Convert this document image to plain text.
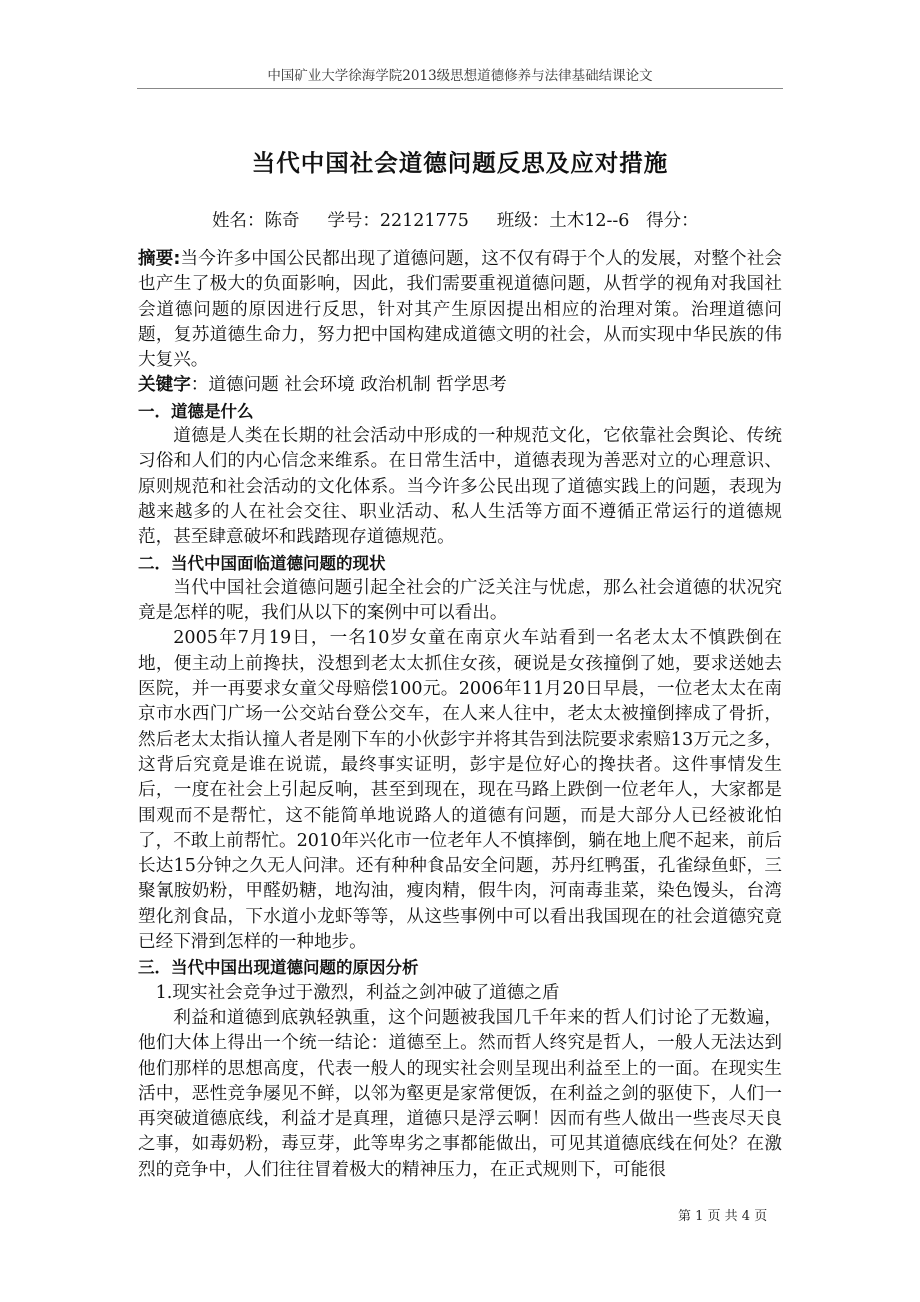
中国矿业大学徐海学院2013级思想道德修养与法律基础结课论文
当代中国社会道德问题反思及应对措施
姓名：陈奇     学号：22121775     班级：土木12--6   得分：

摘要:当今许多中国公民都出现了道德问题，这不仅有碍于个人的发展，对整个社会也产生了极大的负面影响，因此，我们需要重视道德问题，从哲学的视角对我国社会道德问题的原因进行反思，针对其产生原因提出相应的治理对策。治理道德问题，复苏道德生命力，努力把中国构建成道德文明的社会，从而实现中华民族的伟大复兴。

关键字：道德问题 社会环境 政治机制 哲学思考

一．道德是什么

道德是人类在长期的社会活动中形成的一种规范文化，它依靠社会舆论、传统习俗和人们的内心信念来维系。在日常生活中，道德表现为善恶对立的心理意识、原则规范和社会活动的文化体系。当今许多公民出现了道德实践上的问题，表现为越来越多的人在社会交往、职业活动、私人生活等方面不遵循正常运行的道德规范，甚至肆意破坏和践踏现存道德规范。

二．当代中国面临道德问题的现状

当代中国社会道德问题引起全社会的广泛关注与忧虑，那么社会道德的状况究竟是怎样的呢，我们从以下的案例中可以看出。

2005年7月19日，一名10岁女童在南京火车站看到一名老太太不慎跌倒在地，便主动上前搀扶，没想到老太太抓住女孩，硬说是女孩撞倒了她，要求送她去医院，并一再要求女童父母赔偿100元。2006年11月20日早晨，一位老太太在南京市水西门广场一公交站台登公交车，在人来人往中，老太太被撞倒摔成了骨折，然后老太太指认撞人者是刚下车的小伙彭宇并将其告到法院要求索赔13万元之多，这背后究竟是谁在说谎，最终事实证明，彭宇是位好心的搀扶者。这件事情发生后，一度在社会上引起反响，甚至到现在，现在马路上跌倒一位老年人，大家都是围观而不是帮忙，这不能简单地说路人的道德有问题，而是大部分人已经被讹怕了，不敢上前帮忙。2010年兴化市一位老年人不慎摔倒，躺在地上爬不起来，前后长达15分钟之久无人问津。还有种种食品安全问题，苏丹红鸭蛋，孔雀绿鱼虾，三聚氰胺奶粉，甲醛奶糖，地沟油，瘦肉精，假牛肉，河南毒韭菜，染色馒头，台湾塑化剂食品，下水道小龙虾等等，从这些事例中可以看出我国现在的社会道德究竟已经下滑到怎样的一种地步。

三．当代中国出现道德问题的原因分析

1.现实社会竞争过于激烈，利益之剑冲破了道德之盾

利益和道德到底孰轻孰重，这个问题被我国几千年来的哲人们讨论了无数遍，他们大体上得出一个统一结论：道德至上。然而哲人终究是哲人，一般人无法达到他们那样的思想高度，代表一般人的现实社会则呈现出利益至上的一面。在现实生活中，恶性竞争屡见不鲜，以邻为壑更是家常便饭，在利益之剑的驱使下，人们一再突破道德底线，利益才是真理，道德只是浮云啊！因而有些人做出一些丧尽天良之事，如毒奶粉，毒豆芽，此等卑劣之事都能做出，可见其道德底线在何处？在激烈的竞争中，人们往往冒着极大的精神压力，在正式规则下，可能很

第 1 页 共 4 页
